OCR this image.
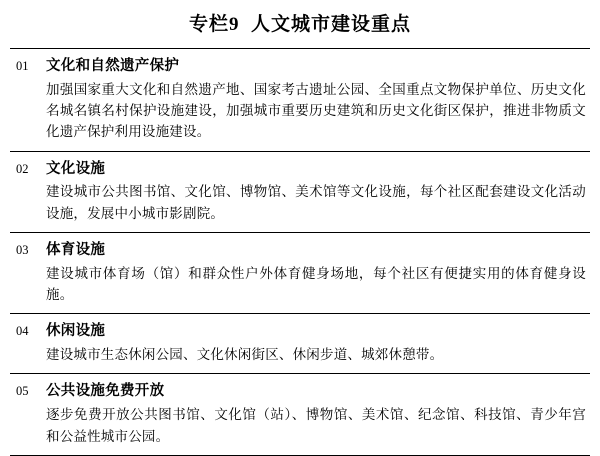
专栏9 人文城市建设重点
01	文化和自然遗产保护
加强国家重大文化和自然遗产地、国家考古遗址公园、全国重点文物保护单位、历史文化名城名镇名村保护设施建设，加强城市重要历史建筑和历史文化街区保护，推进非物质文化遗产保护利用设施建设。
02	文化设施
建设城市公共图书馆、文化馆、博物馆、美术馆等文化设施，每个社区配套建设文化活动设施，发展中小城市影剧院。
03	体育设施
建设城市体育场（馆）和群众性户外体育健身场地，每个社区有便捷实用的体育健身设施。
04	休闲设施
建设城市生态休闲公园、文化休闲街区、休闲步道、城郊休憩带。
05	公共设施免费开放
逐步免费开放公共图书馆、文化馆（站）、博物馆、美术馆、纪念馆、科技馆、青少年宫和公益性城市公园。
